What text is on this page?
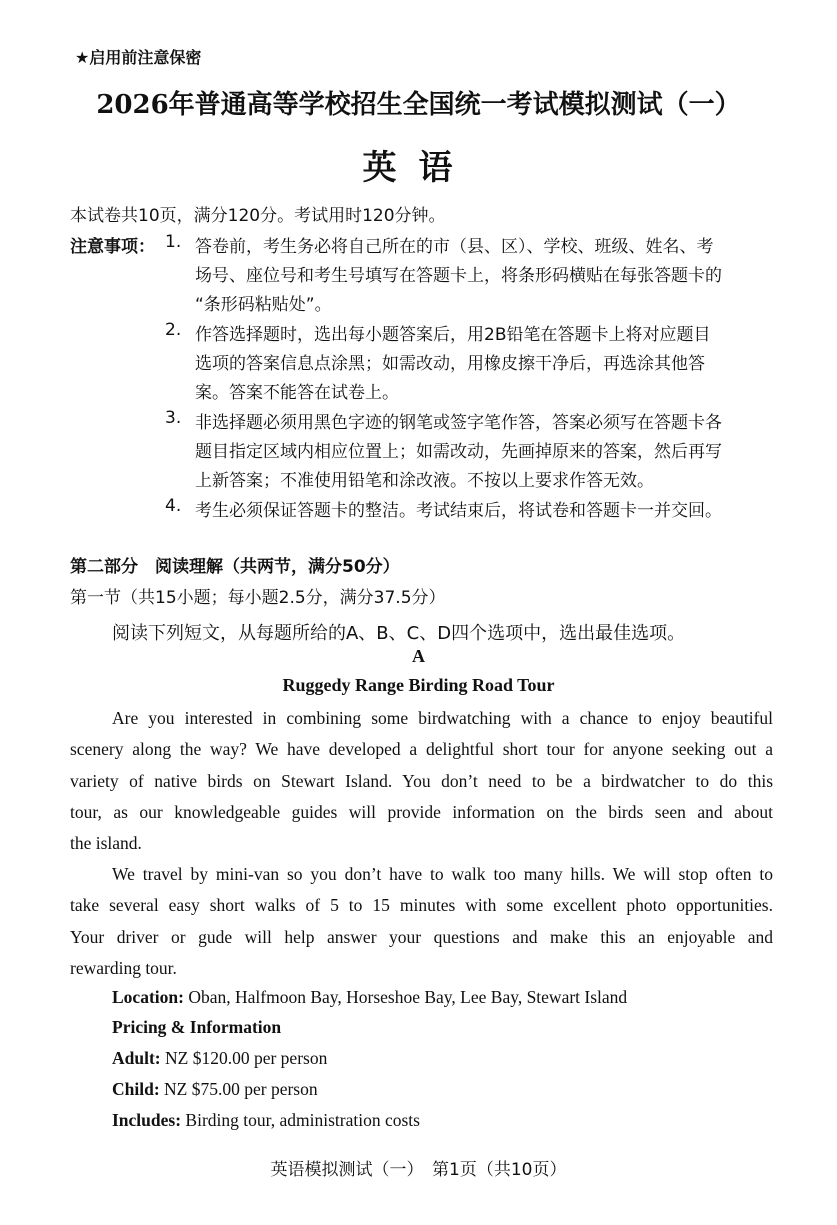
★启用前注意保密
2026年普通高等学校招生全国统一考试模拟测试（一）
英语
本试卷共10页，满分120分。考试用时120分钟。
注意事项： 1. 答卷前，考生务必将自己所在的市（县、区）、学校、班级、姓名、考
场号、座位号和考生号填写在答题卡上，将条形码横贴在每张答题卡的
“条形码粘贴处”。
2. 作答选择题时，选出每小题答案后，用2B铅笔在答题卡上将对应题目
选项的答案信息点涂黑；如需改动，用橡皮擦干净后，再选涂其他答
案。答案不能答在试卷上。
3. 非选择题必须用黑色字迹的钢笔或签字笔作答，答案必须写在答题卡各
题目指定区域内相应位置上；如需改动，先画掉原来的答案，然后再写
上新答案；不准使用铅笔和涂改液。不按以上要求作答无效。
4. 考生必须保证答题卡的整洁。考试结束后，将试卷和答题卡一并交回。
第二部分　阅读理解（共两节，满分50分）
第一节（共15小题；每小题2.5分，满分37.5分）
阅读下列短文，从每题所给的A、B、C、D四个选项中，选出最佳选项。
A
Ruggedy Range Birding Road Tour
Are you interested in combining some birdwatching with a chance to enjoy beautiful
scenery along the way? We have developed a delightful short tour for anyone seeking out a
variety of native birds on Stewart Island. You don’t need to be a birdwatcher to do this
tour, as our knowledgeable guides will provide information on the birds seen and about
the island.
We travel by mini-van so you don’t have to walk too many hills. We will stop often to
take several easy short walks of 5 to 15 minutes with some excellent photo opportunities.
Your driver or gude will help answer your questions and make this an enjoyable and
rewarding tour.
Location: Oban, Halfmoon Bay, Horseshoe Bay, Lee Bay, Stewart Island
Pricing & Information
Adult: NZ $120.00 per person
Child: NZ $75.00 per person
Includes: Birding tour, administration costs
英语模拟测试（一）　第1页（共10页）
